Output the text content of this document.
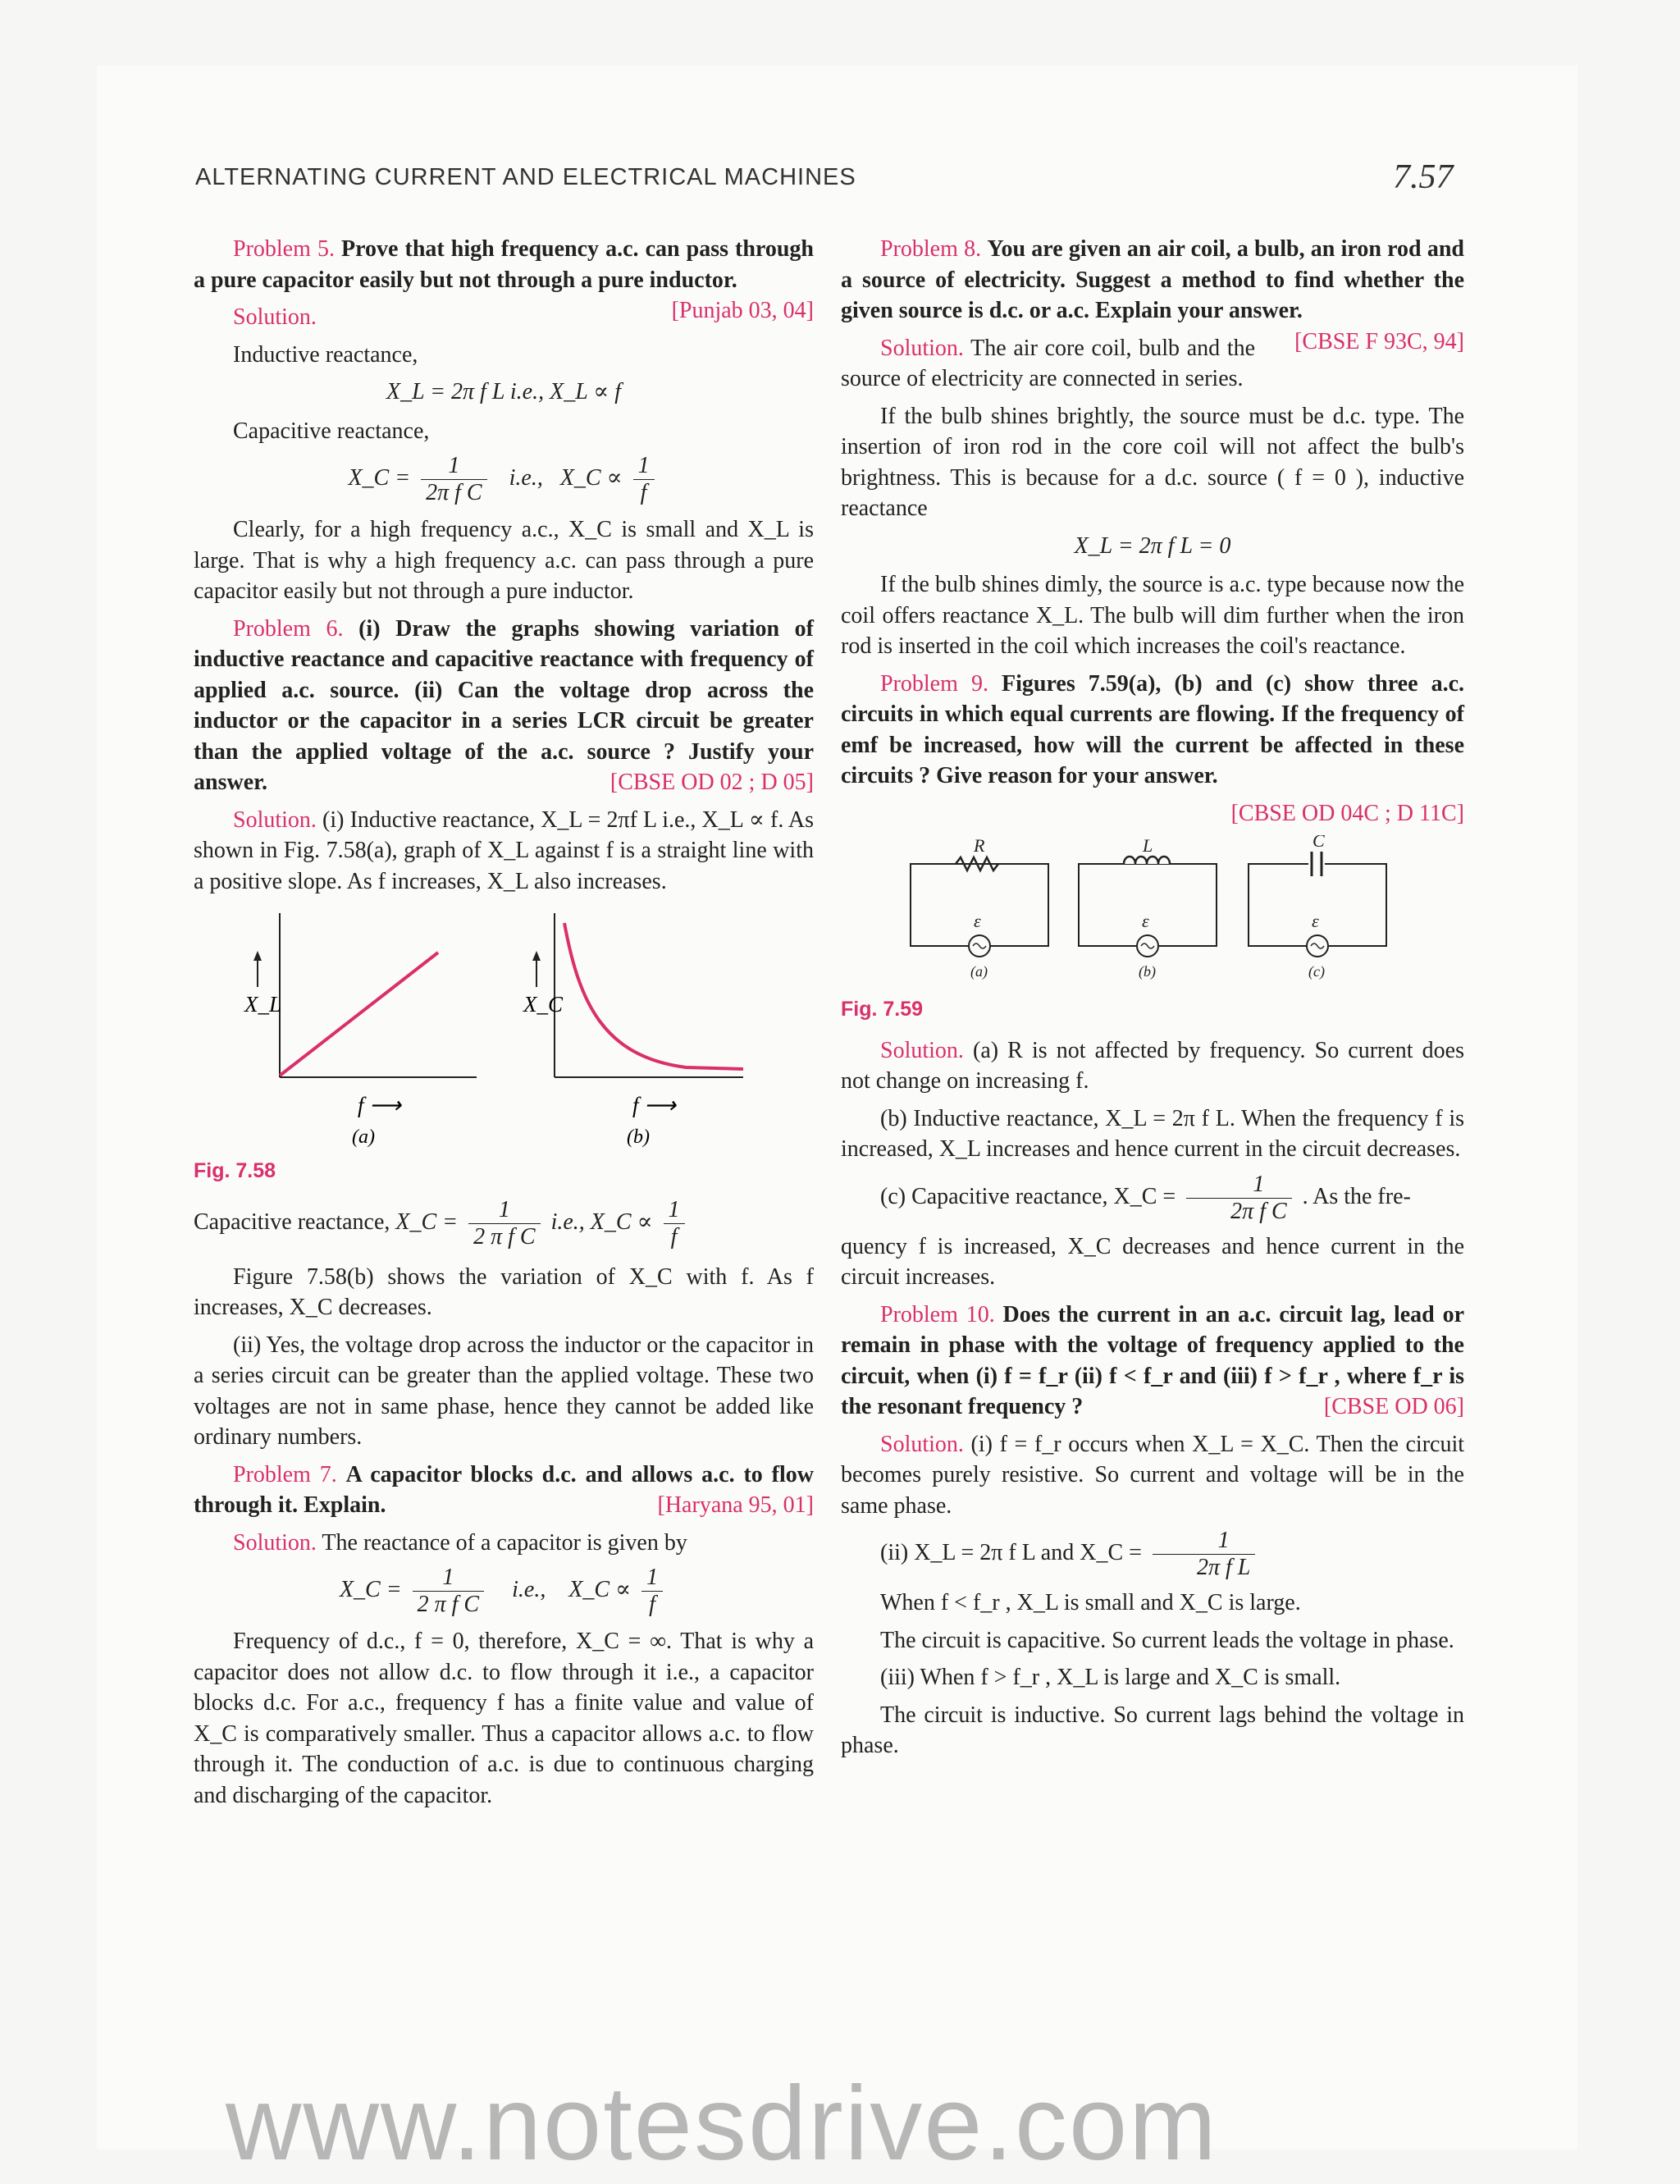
ALTERNATING CURRENT AND ELECTRICAL MACHINES	7.57

Problem 5. Prove that high frequency a.c. can pass through a pure capacitor easily but not through a pure inductor.
[Punjab 03, 04]

Solution.

Inductive reactance,

X_L = 2π f L i.e., X_L ∝ f

Capacitive reactance,

X_C = $\frac{1}{\text{2π f C}} i.e$., X_C ∝ $\frac{1}{f}$

Clearly, for a high frequency a.c., X_C is small and X_L is large. That is why a high frequency a.c. can pass through a pure capacitor easily but not through a pure inductor.

Problem 6. (i) Draw the graphs showing variation of inductive reactance and capacitive reactance with frequency of applied a.c. source. (ii) Can the voltage drop across the inductor or the capacitor in a series LCR circuit be greater than the applied voltage of the a.c. source ? Justify your answer.	[CBSE OD 02 ; D 05]

Solution. (i) Inductive reactance, X_L = 2πf L i.e., X_L ∝ f. As shown in Fig. 7.58(a), graph of X_L against f is a straight line with a positive slope. As f increases, X_L also increases.

X_L
f ⟶
(a)
X_C
f ⟶
(b)
Fig. 7.58
Capacitive reactance, X_C = $\frac{1}{\text{2 π f C}} i.e$., X_C ∝ $\frac{1}{f}$

Figure 7.58(b) shows the variation of X_C with f. As f increases, X_C decreases.

(ii) Yes, the voltage drop across the inductor or the capacitor in a series circuit can be greater than the applied voltage. These two voltages are not in same phase, hence they cannot be added like ordinary numbers.

Problem 7. A capacitor blocks d.c. and allows a.c. to flow through it. Explain.	[Haryana 95, 01]

Solution. The reactance of a capacitor is given by

X_C = $\frac{1}{\text{2 π f C}} i.e$., X_C ∝ $\frac{1}{f}$

Frequency of d.c., f = 0, therefore, X_C = ∞. That is why a capacitor does not allow d.c. to flow through it i.e., a capacitor blocks d.c. For a.c., frequency f has a finite value and value of X_C is comparatively smaller. Thus a capacitor allows a.c. to flow through it. The conduction of a.c. is due to continuous charging and discharging of the capacitor.

Problem 8. You are given an air coil, a bulb, an iron rod and a source of electricity. Suggest a method to find whether the given source is d.c. or a.c. Explain your answer.
[CBSE F 93C, 94]

Solution. The air core coil, bulb and the source of electricity are connected in series.

If the bulb shines brightly, the source must be d.c. type. The insertion of iron rod in the core coil will not affect the bulb's brightness. This is because for a d.c. source ( f = 0 ), inductive reactance

X_L = 2π f L = 0

If the bulb shines dimly, the source is a.c. type because now the coil offers reactance X_L. The bulb will dim further when the iron rod is inserted in the coil which increases the coil's reactance.

Problem 9. Figures 7.59(a), (b) and (c) show three a.c. circuits in which equal currents are flowing. If the frequency of emf be increased, how will the current be affected in these circuits ? Give reason for your answer.

[CBSE OD 04C ; D 11C]
R
ε
(a)
L
ε
(b)
C
ε
(c)
Fig. 7.59

Solution. (a) R is not affected by frequency. So current does not change on increasing f.

(b) Inductive reactance, X_L = 2π f L. When the frequency f is increased, X_L increases and hence current in the circuit decreases.

(c) Capacitive reactance, X_C = $\frac{1}{\text{2π f C}}$ . As the fre-

quency f is increased, X_C decreases and hence current in the circuit increases.

Problem 10. Does the current in an a.c. circuit lag, lead or remain in phase with the voltage of frequency applied to the circuit, when (i) f = f_r (ii) f < f_r and (iii) f > f_r , where f_r is the resonant frequency ?	[CBSE OD 06]

Solution. (i) f = f_r occurs when X_L = X_C. Then the circuit becomes purely resistive. So current and voltage will be in the same phase.

(ii) X_L = 2π f L and X_C = $\frac{1}{\text{2π f L}}$

When f < f_r , X_L is small and X_C is large.

The circuit is capacitive. So current leads the voltage in phase.

(iii) When f > f_r , X_L is large and X_C is small.

The circuit is inductive. So current lags behind the voltage in phase.

www.notesdrive.com
